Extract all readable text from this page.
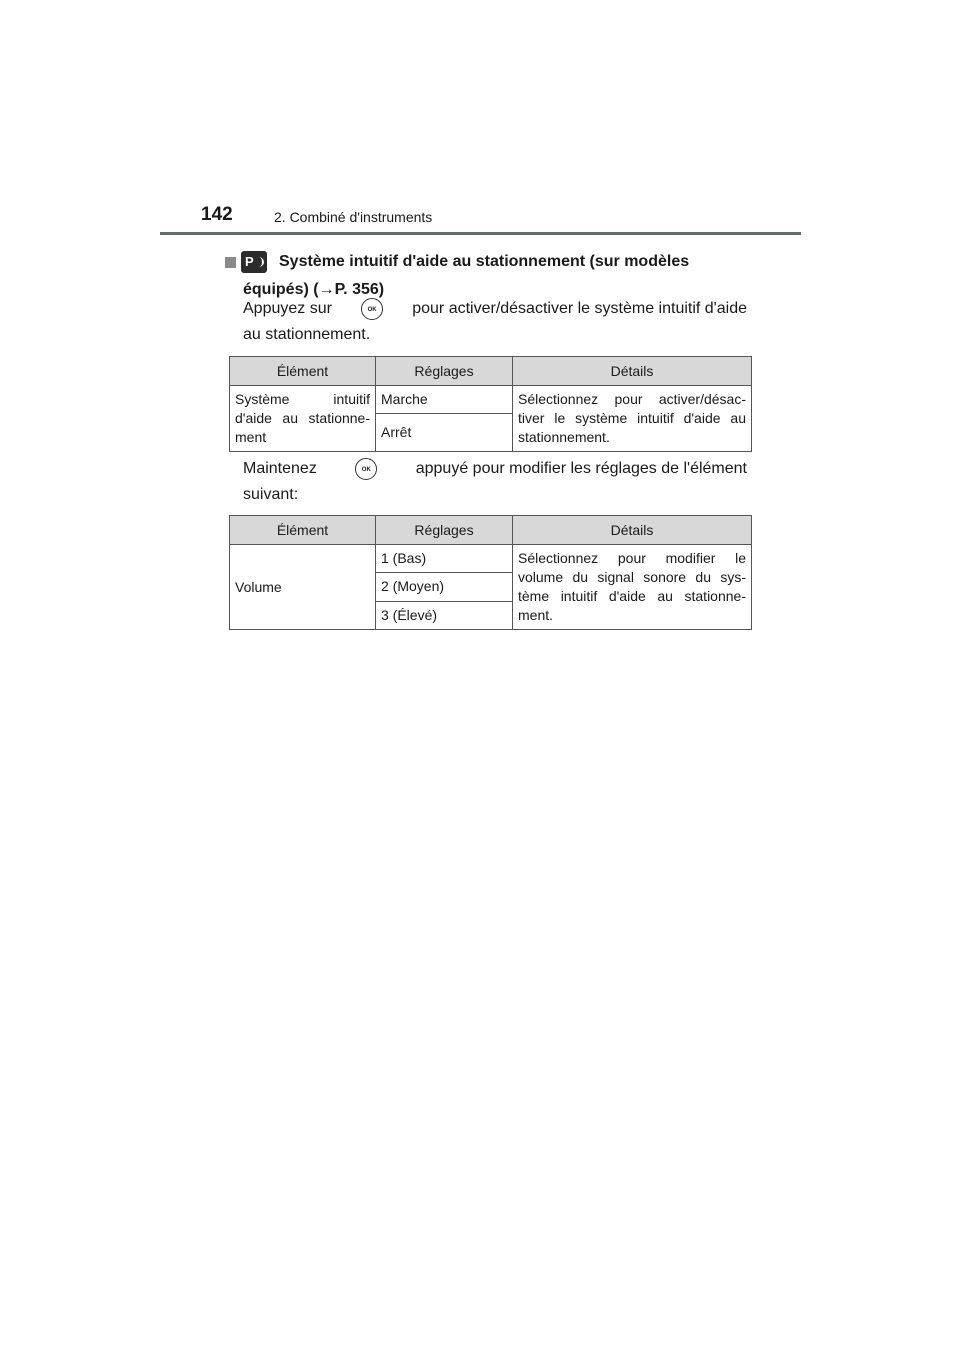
142	2. Combiné d'instruments
P Système intuitif d'aide au stationnement (sur modèles
équipés) (→P. 356)
Appuyez sur	OK	pour activer/désactiver le système intuitif d'aide
au stationnement.
Élément	Réglages	Détails
Système intuitif d'aide au stationne-ment	Marche	Sélectionnez pour activer/désac-tiver le système intuitif d'aide au stationnement.
	Arrêt	
Maintenez	OK	appuyé pour modifier les réglages de l'élément
suivant:
Élément	Réglages	Détails
Volume	1 (Bas)	Sélectionnez pour modifier le volume du signal sonore du sys-tème intuitif d'aide au stationne-ment.
	2 (Moyen)	
	3 (Élevé)	
